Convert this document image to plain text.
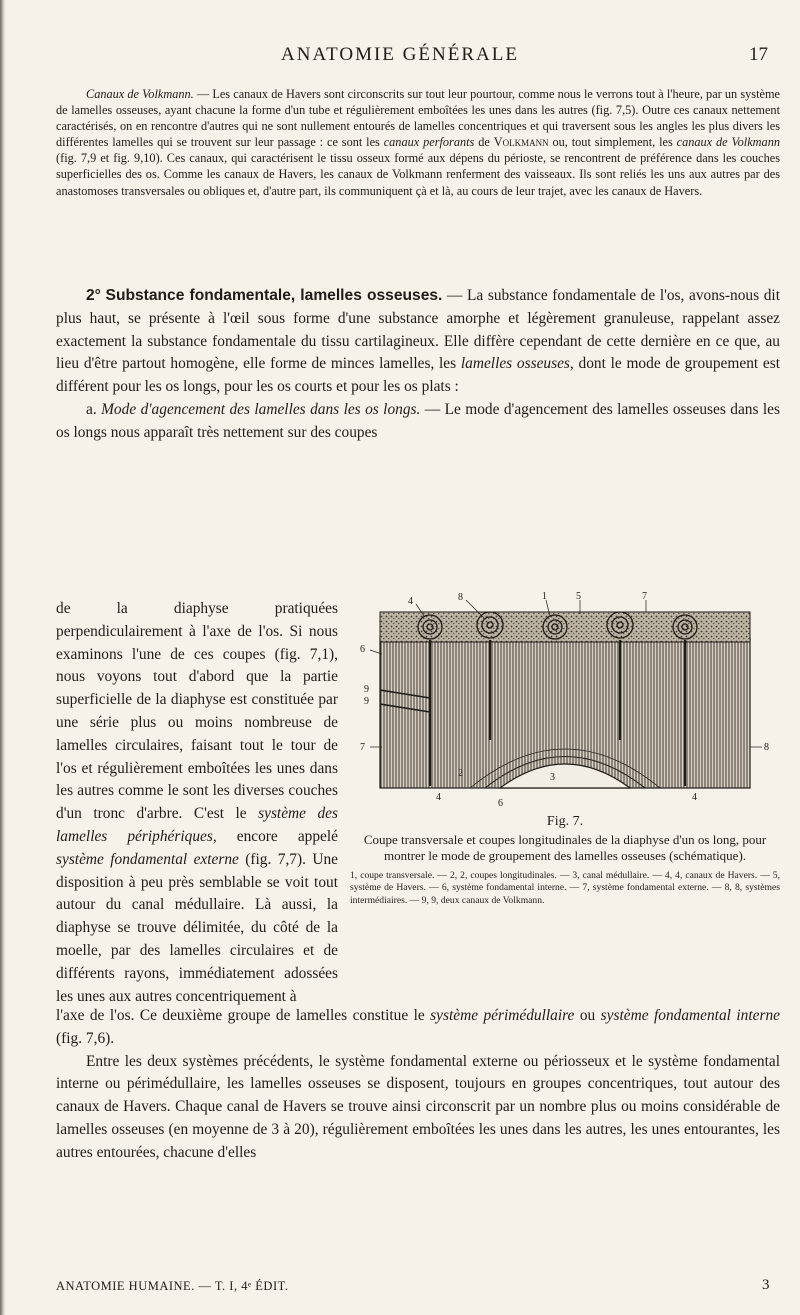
ANATOMIE GÉNÉRALE	17

Canaux de Volkmann. — Les canaux de Havers sont circonscrits sur tout leur pourtour, comme nous le verrons tout à l'heure, par un système de lamelles osseuses, ayant chacune la forme d'un tube et régulièrement emboîtées les unes dans les autres (fig. 7,5). Outre ces canaux nettement caractérisés, on en rencontre d'autres qui ne sont nullement entourés de lamelles concentriques et qui traversent sous les angles les plus divers les différentes lamelles qui se trouvent sur leur passage : ce sont les canaux perforants de Volkmann ou, tout simplement, les canaux de Volkmann (fig. 7,9 et fig. 9,10). Ces canaux, qui caractérisent le tissu osseux formé aux dépens du périoste, se rencontrent de préférence dans les couches superficielles des os. Comme les canaux de Havers, les canaux de Volkmann renferment des vaisseaux. Ils sont reliés les uns aux autres par des anastomoses transversales ou obliques et, d'autre part, ils communiquent çà et là, au cours de leur trajet, avec les canaux de Havers.

2° Substance fondamentale, lamelles osseuses. — La substance fondamentale de l'os, avons-nous dit plus haut, se présente à l'œil sous forme d'une substance amorphe et légèrement granuleuse, rappelant assez exactement la substance fondamentale du tissu cartilagineux. Elle diffère cependant de cette dernière en ce que, au lieu d'être partout homogène, elle forme de minces lamelles, les lamelles osseuses, dont le mode de groupement est différent pour les os longs, pour les os courts et pour les os plats :

a. Mode d'agencement des lamelles dans les os longs. — Le mode d'agencement des lamelles osseuses dans les os longs nous apparaît très nettement sur des coupes

de la diaphyse pratiquées perpendiculairement à l'axe de l'os. Si nous examinons l'une de ces coupes (fig. 7,1), nous voyons tout d'abord que la partie superficielle de la diaphyse est constituée par une série plus ou moins nombreuse de lamelles circulaires, faisant tout le tour de l'os et régulièrement emboîtées les unes dans les autres comme le sont les diverses couches d'un tronc d'arbre. C'est le système des lamelles périphériques, encore appelé système fondamental externe (fig. 7,7). Une disposition à peu près semblable se voit tout autour du canal médullaire. Là aussi, la diaphyse se trouve délimitée, du côté de la moelle, par des lamelles circulaires et de différents rayons, immédiatement adossées les unes aux autres concentriquement à
4	8	1	5	7
6
9
9
7	8
2	3
4	4
6
Fig. 7.

Coupe transversale et coupes longitudinales de la diaphyse d'un os long, pour montrer le mode de groupement des lamelles osseuses (schématique).

1, coupe transversale. — 2, 2, coupes longitudinales. — 3, canal médullaire. — 4, 4, canaux de Havers. — 5, système de Havers. — 6, système fondamental interne. — 7, système fondamental externe. — 8, 8, systèmes intermédiaires. — 9, 9, deux canaux de Volkmann.

l'axe de l'os. Ce deuxième groupe de lamelles constitue le système périmédullaire ou système fondamental interne (fig. 7,6).

Entre les deux systèmes précédents, le système fondamental externe ou périosseux et le système fondamental interne ou périmédullaire, les lamelles osseuses se disposent, toujours en groupes concentriques, tout autour des canaux de Havers. Chaque canal de Havers se trouve ainsi circonscrit par un nombre plus ou moins considérable de lamelles osseuses (en moyenne de 3 à 20), régulièrement emboîtées les unes dans les autres, les unes entourantes, les autres entourées, chacune d'elles

ANATOMIE HUMAINE. — T. I, 4ᵉ ÉDIT.	3
